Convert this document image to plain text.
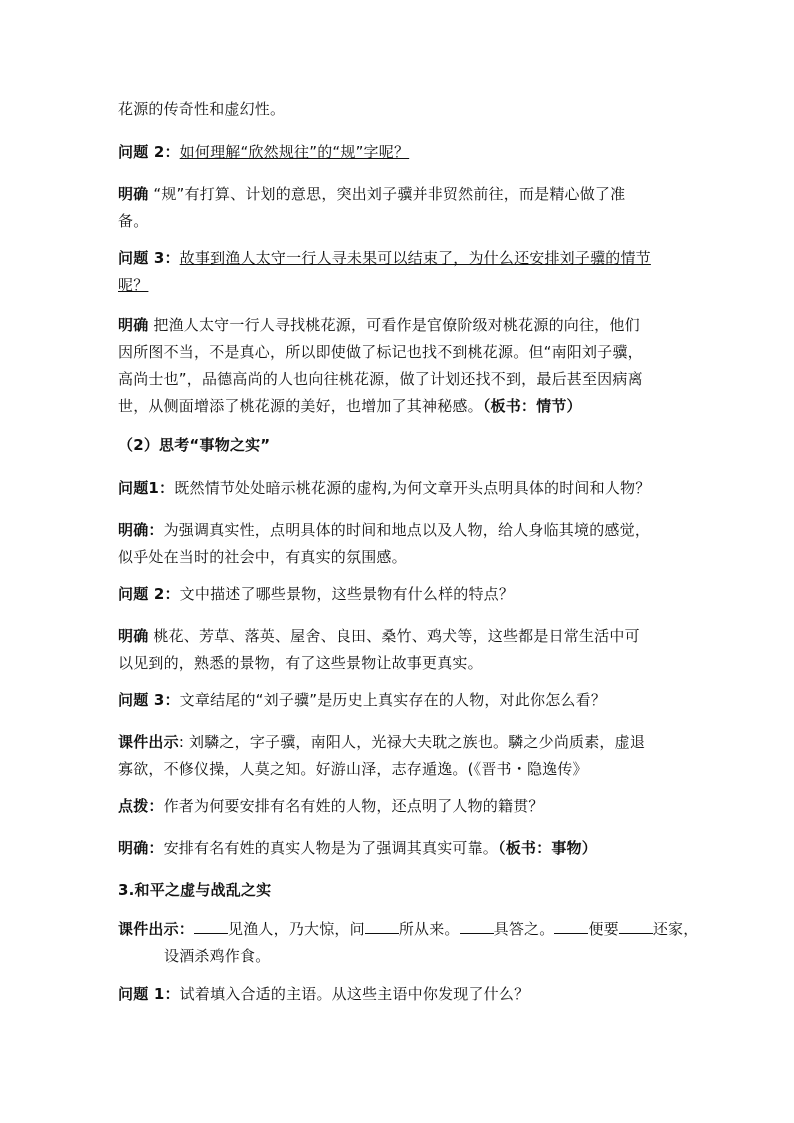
花源的传奇性和虚幻性。
问题 2：如何理解“欣然规往”的“规”字呢？
明确 “规”有打算、计划的意思，突出刘子骥并非贸然前往，而是精心做了准
备。
问题 3：故事到渔人太守一行人寻未果可以结束了，为什么还安排刘子骥的情节
呢？
明确 把渔人太守一行人寻找桃花源，可看作是官僚阶级对桃花源的向往，他们
因所图不当，不是真心，所以即使做了标记也找不到桃花源。但“南阳刘子骥，
高尚士也”，品德高尚的人也向往桃花源，做了计划还找不到，最后甚至因病离
世，从侧面增添了桃花源的美好，也增加了其神秘感。（板书：情节）
（2）思考“事物之实”
问题1：既然情节处处暗示桃花源的虚构,为何文章开头点明具体的时间和人物？
明确：为强调真实性，点明具体的时间和地点以及人物，给人身临其境的感觉，
似乎处在当时的社会中，有真实的氛围感。
问题 2：文中描述了哪些景物，这些景物有什么样的特点？
明确 桃花、芳草、落英、屋舍、良田、桑竹、鸡犬等，这些都是日常生活中可
以见到的，熟悉的景物，有了这些景物让故事更真实。
问题 3：文章结尾的“刘子骥”是历史上真实存在的人物，对此你怎么看？
课件出示: 刘驎之，字子骥，南阳人，光禄大夫耽之族也。驎之少尚质素，虚退
寡欲，不修仪操，人莫之知。好游山泽，志存遁逸。(《晋书・隐逸传》
点拨：作者为何要安排有名有姓的人物，还点明了人物的籍贯？
明确：安排有名有姓的真实人物是为了强调其真实可靠。（板书：事物）
3.和平之虚与战乱之实
课件出示： 见渔人，乃大惊，问 所从来。 具答之。 便要 还家，
设酒杀鸡作食。
问题 1：试着填入合适的主语。从这些主语中你发现了什么？
